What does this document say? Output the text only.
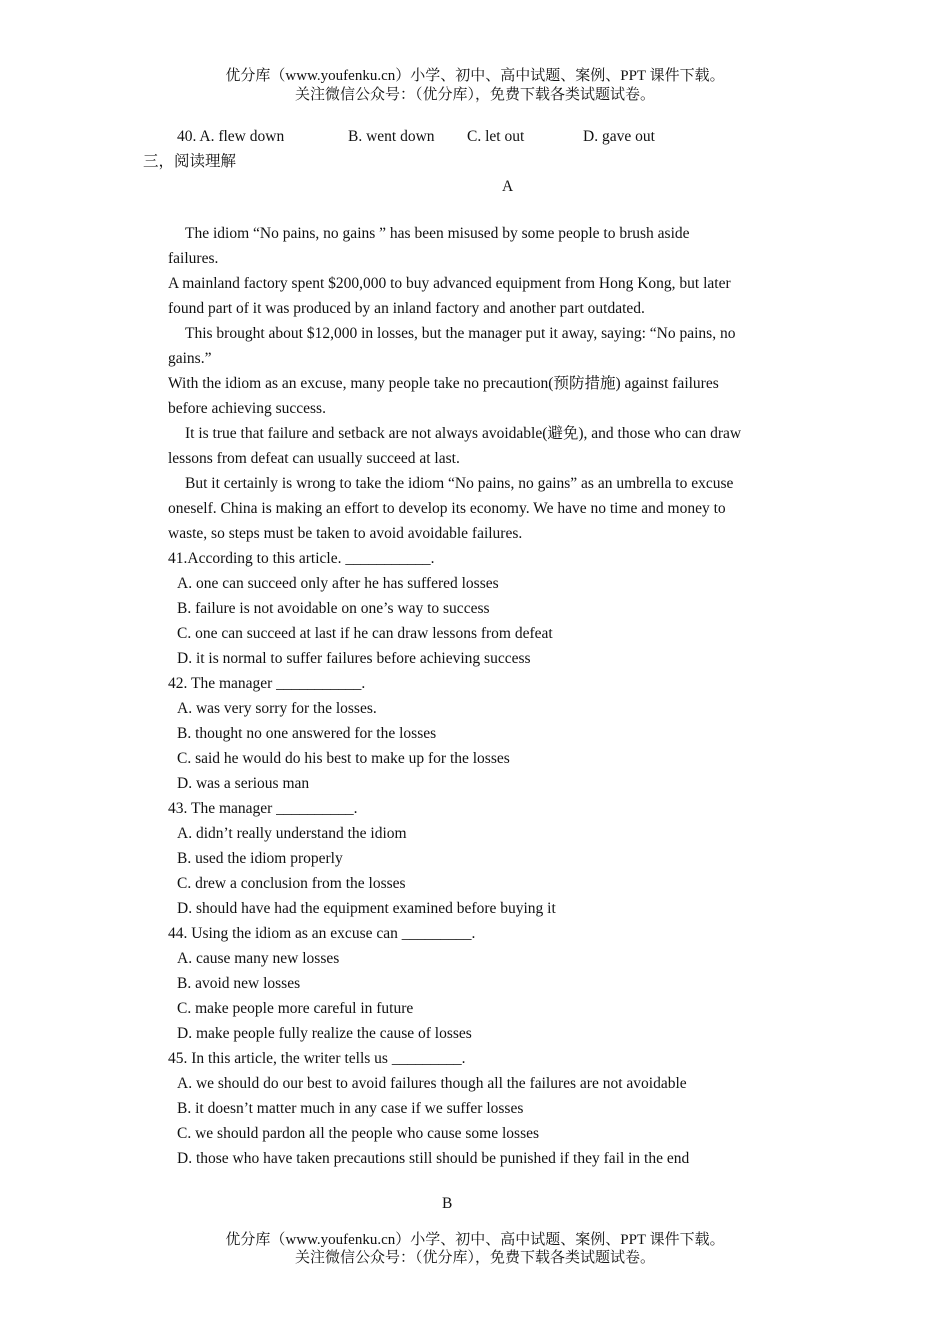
优分库（www.youfenku.cn）小学、初中、高中试题、案例、PPT 课件下载。
关注微信公众号：（优分库），免费下载各类试题试卷。
40. A. flew down	B. went down C. let out	D. gave out
三，阅读理解
A
The idiom “No pains, no gains ” has been misused by some people to brush aside
failures.
A mainland factory spent $200,000 to buy advanced equipment from Hong Kong, but later
found part of it was produced by an inland factory and another part outdated.
This brought about $12,000 in losses, but the manager put it away, saying: “No pains, no
gains.”
With the idiom as an excuse, many people take no precaution(预防措施) against failures
before achieving success.
It is true that failure and setback are not always avoidable(避免), and those who can draw
lessons from defeat can usually succeed at last.
But it certainly is wrong to take the idiom “No pains, no gains” as an umbrella to excuse
oneself. China is making an effort to develop its economy. We have no time and money to
waste, so steps must be taken to avoid avoidable failures.
41.According to this article. ___________.
A. one can succeed only after he has suffered losses
B. failure is not avoidable on one’s way to success
C. one can succeed at last if he can draw lessons from defeat
D. it is normal to suffer failures before achieving success
42. The manager ___________.
A. was very sorry for the losses.
B. thought no one answered for the losses
C. said he would do his best to make up for the losses
D. was a serious man
43. The manager __________.
A. didn’t really understand the idiom
B. used the idiom properly
C. drew a conclusion from the losses
D. should have had the equipment examined before buying it
44. Using the idiom as an excuse can _________.
A. cause many new losses
B. avoid new losses
C. make people more careful in future
D. make people fully realize the cause of losses
45. In this article, the writer tells us _________.
A. we should do our best to avoid failures though all the failures are not avoidable
B. it doesn’t matter much in any case if we suffer losses
C. we should pardon all the people who cause some losses
D. those who have taken precautions still should be punished if they fail in the end
B
优分库（www.youfenku.cn）小学、初中、高中试题、案例、PPT 课件下载。
关注微信公众号：（优分库），免费下载各类试题试卷。
